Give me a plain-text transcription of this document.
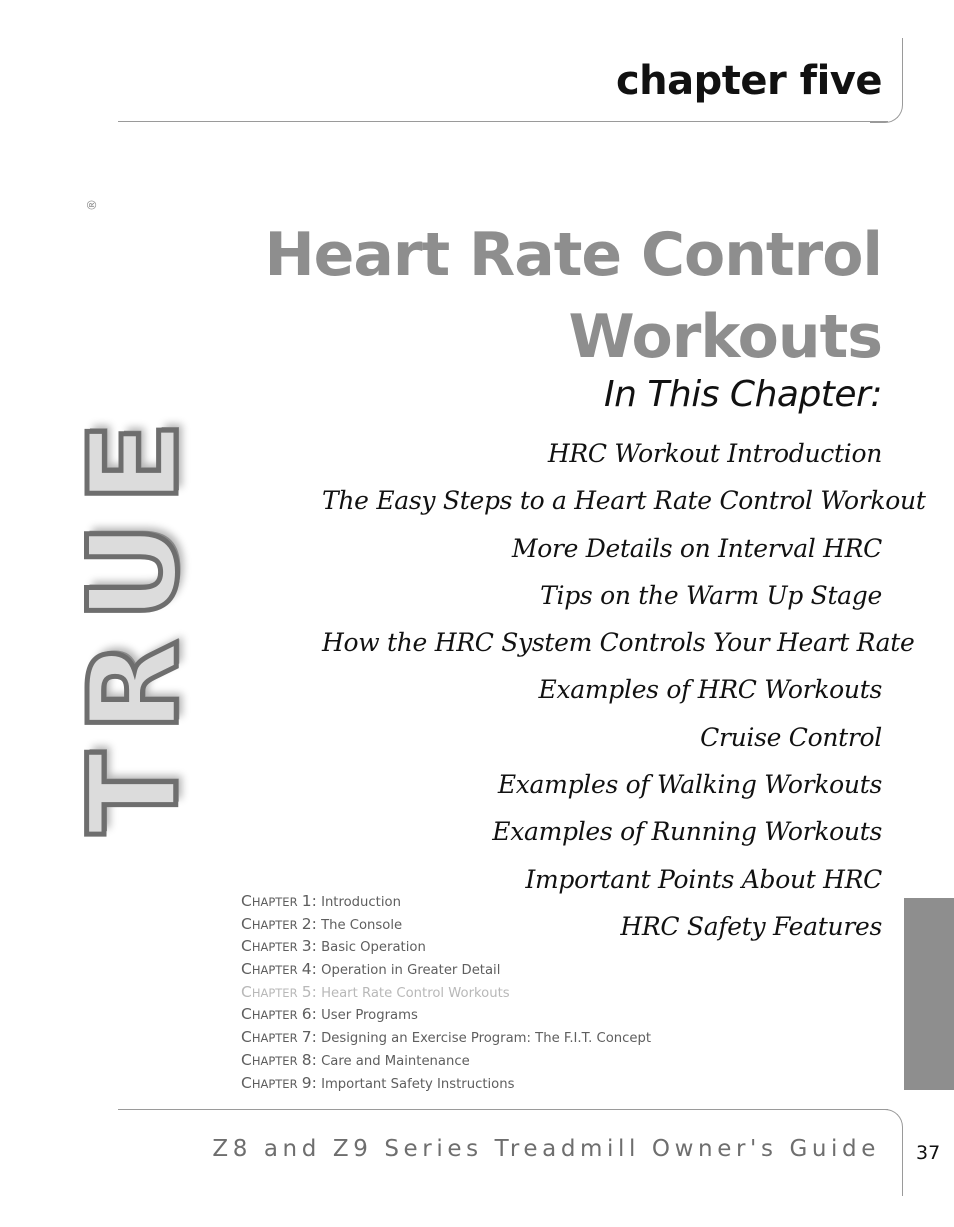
chapter five
TRUE
®
Heart Rate Control
Workouts
In This Chapter:
HRC Workout Introduction
The Easy Steps to a Heart Rate Control Workout
More Details on Interval HRC
Tips on the Warm Up Stage
How the HRC System Controls Your Heart Rate
Examples of HRC Workouts
Cruise Control
Examples of Walking Workouts
Examples of Running Workouts
Important Points About HRC
HRC Safety Features
CHAPTER 1: Introduction
CHAPTER 2: The Console
CHAPTER 3: Basic Operation
CHAPTER 4: Operation in Greater Detail
CHAPTER 5: Heart Rate Control Workouts
CHAPTER 6: User Programs
CHAPTER 7: Designing an Exercise Program: The F.I.T. Concept
CHAPTER 8: Care and Maintenance
CHAPTER 9: Important Safety Instructions
Z8 and Z9 Series Treadmill Owner's Guide 37
